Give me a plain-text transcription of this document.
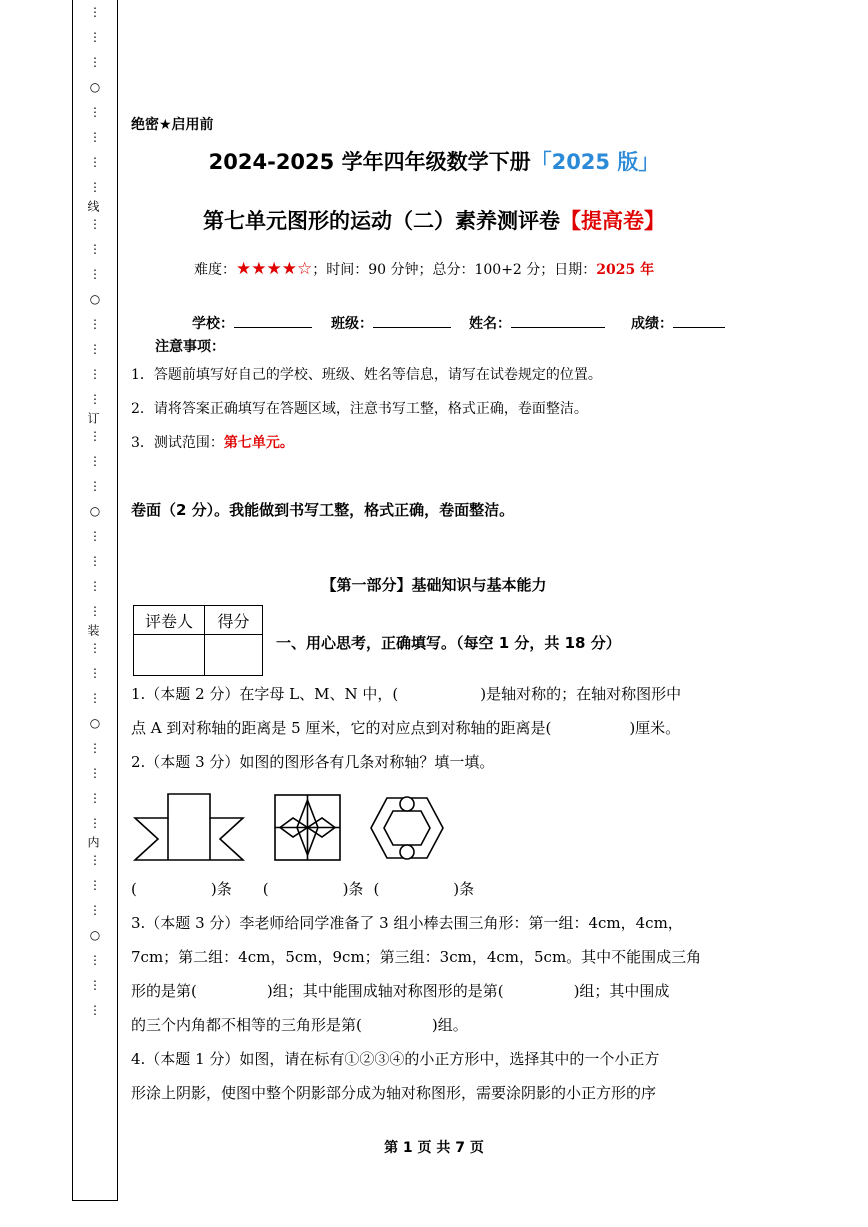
⋮
⋮
⋮
○
⋮
⋮
⋮
⋮
线
⋮
⋮
⋮
○
⋮
⋮
⋮
⋮
订
⋮
⋮
⋮
○
⋮
⋮
⋮
⋮
装
⋮
⋮
⋮
○
⋮
⋮
⋮
⋮
内
⋮
⋮
⋮
○
⋮
⋮
⋮
绝密★启用前
2024-2025 学年四年级数学下册「2025 版」
第七单元图形的运动（二）素养测评卷【提高卷】
难度：★★★★☆；时间：90 分钟；总分：100+2 分；日期：2025 年
学校：	班级：	姓名：	成绩：
注意事项：
1．答题前填写好自己的学校、班级、姓名等信息，请写在试卷规定的位置。
2．请将答案正确填写在答题区域，注意书写工整，格式正确，卷面整洁。
3．测试范围：第七单元。
卷面（2 分）。我能做到书写工整，格式正确，卷面整洁。
【第一部分】基础知识与基本能力
评卷人	得分

一、用心思考，正确填写。（每空 1 分，共 18 分）
1.（本题 2 分）在字母 L、M、N 中，(	)是轴对称的；在轴对称图形中
点 A 到对称轴的距离是 5 厘米，它的对应点到对称轴的距离是(	)厘米。
2.（本题 3 分）如图的图形各有几条对称轴？填一填。
(	)条 (	)条 (	)条
3.（本题 3 分）李老师给同学准备了 3 组小棒去围三角形：第一组：4cm，4cm，
7cm；第二组：4cm，5cm，9cm；第三组：3cm，4cm，5cm。其中不能围成三角
形的是第(	)组；其中能围成轴对称图形的是第(	)组；其中围成
的三个内角都不相等的三角形是第(	)组。
4.（本题 1 分）如图，请在标有①②③④的小正方形中，选择其中的一个小正方
形涂上阴影，使图中整个阴影部分成为轴对称图形，需要涂阴影的小正方形的序
第 1 页 共 7 页
